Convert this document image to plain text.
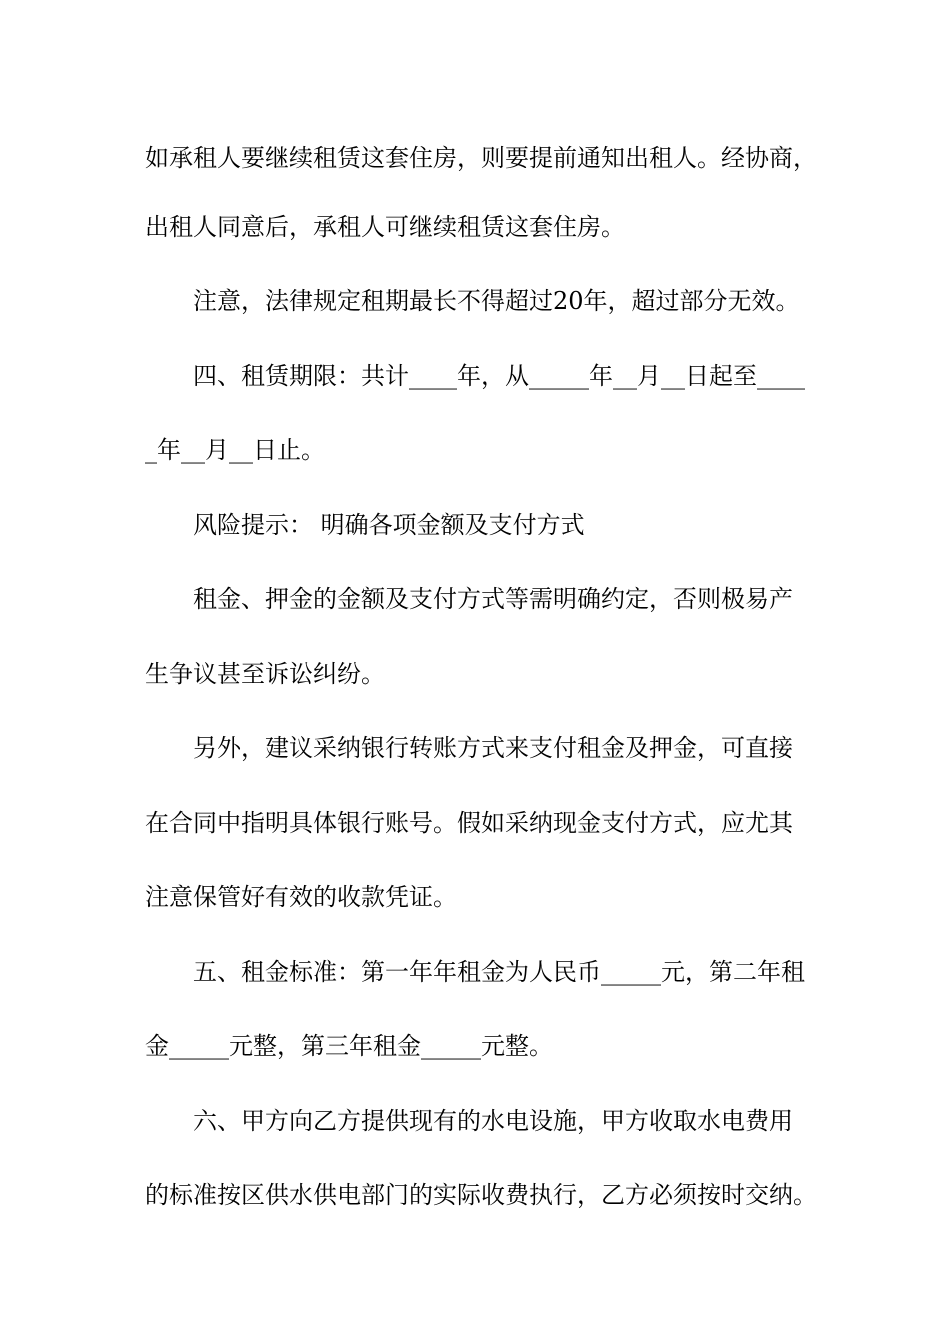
如承租人要继续租赁这套住房，则要提前通知出租人。经协商，
出租人同意后，承租人可继续租赁这套住房。
注意，法律规定租期最长不得超过20年，超过部分无效。
四、租赁期限：共计____年，从_____年__月__日起至____
_年__月__日止。
风险提示： 明确各项金额及支付方式
租金、押金的金额及支付方式等需明确约定，否则极易产
生争议甚至诉讼纠纷。
另外，建议采纳银行转账方式来支付租金及押金，可直接
在合同中指明具体银行账号。假如采纳现金支付方式，应尤其
注意保管好有效的收款凭证。
五、租金标准：第一年年租金为人民币_____元，第二年租
金_____元整，第三年租金_____元整。
六、甲方向乙方提供现有的水电设施，甲方收取水电费用
的标准按区供水供电部门的实际收费执行，乙方必须按时交纳。
